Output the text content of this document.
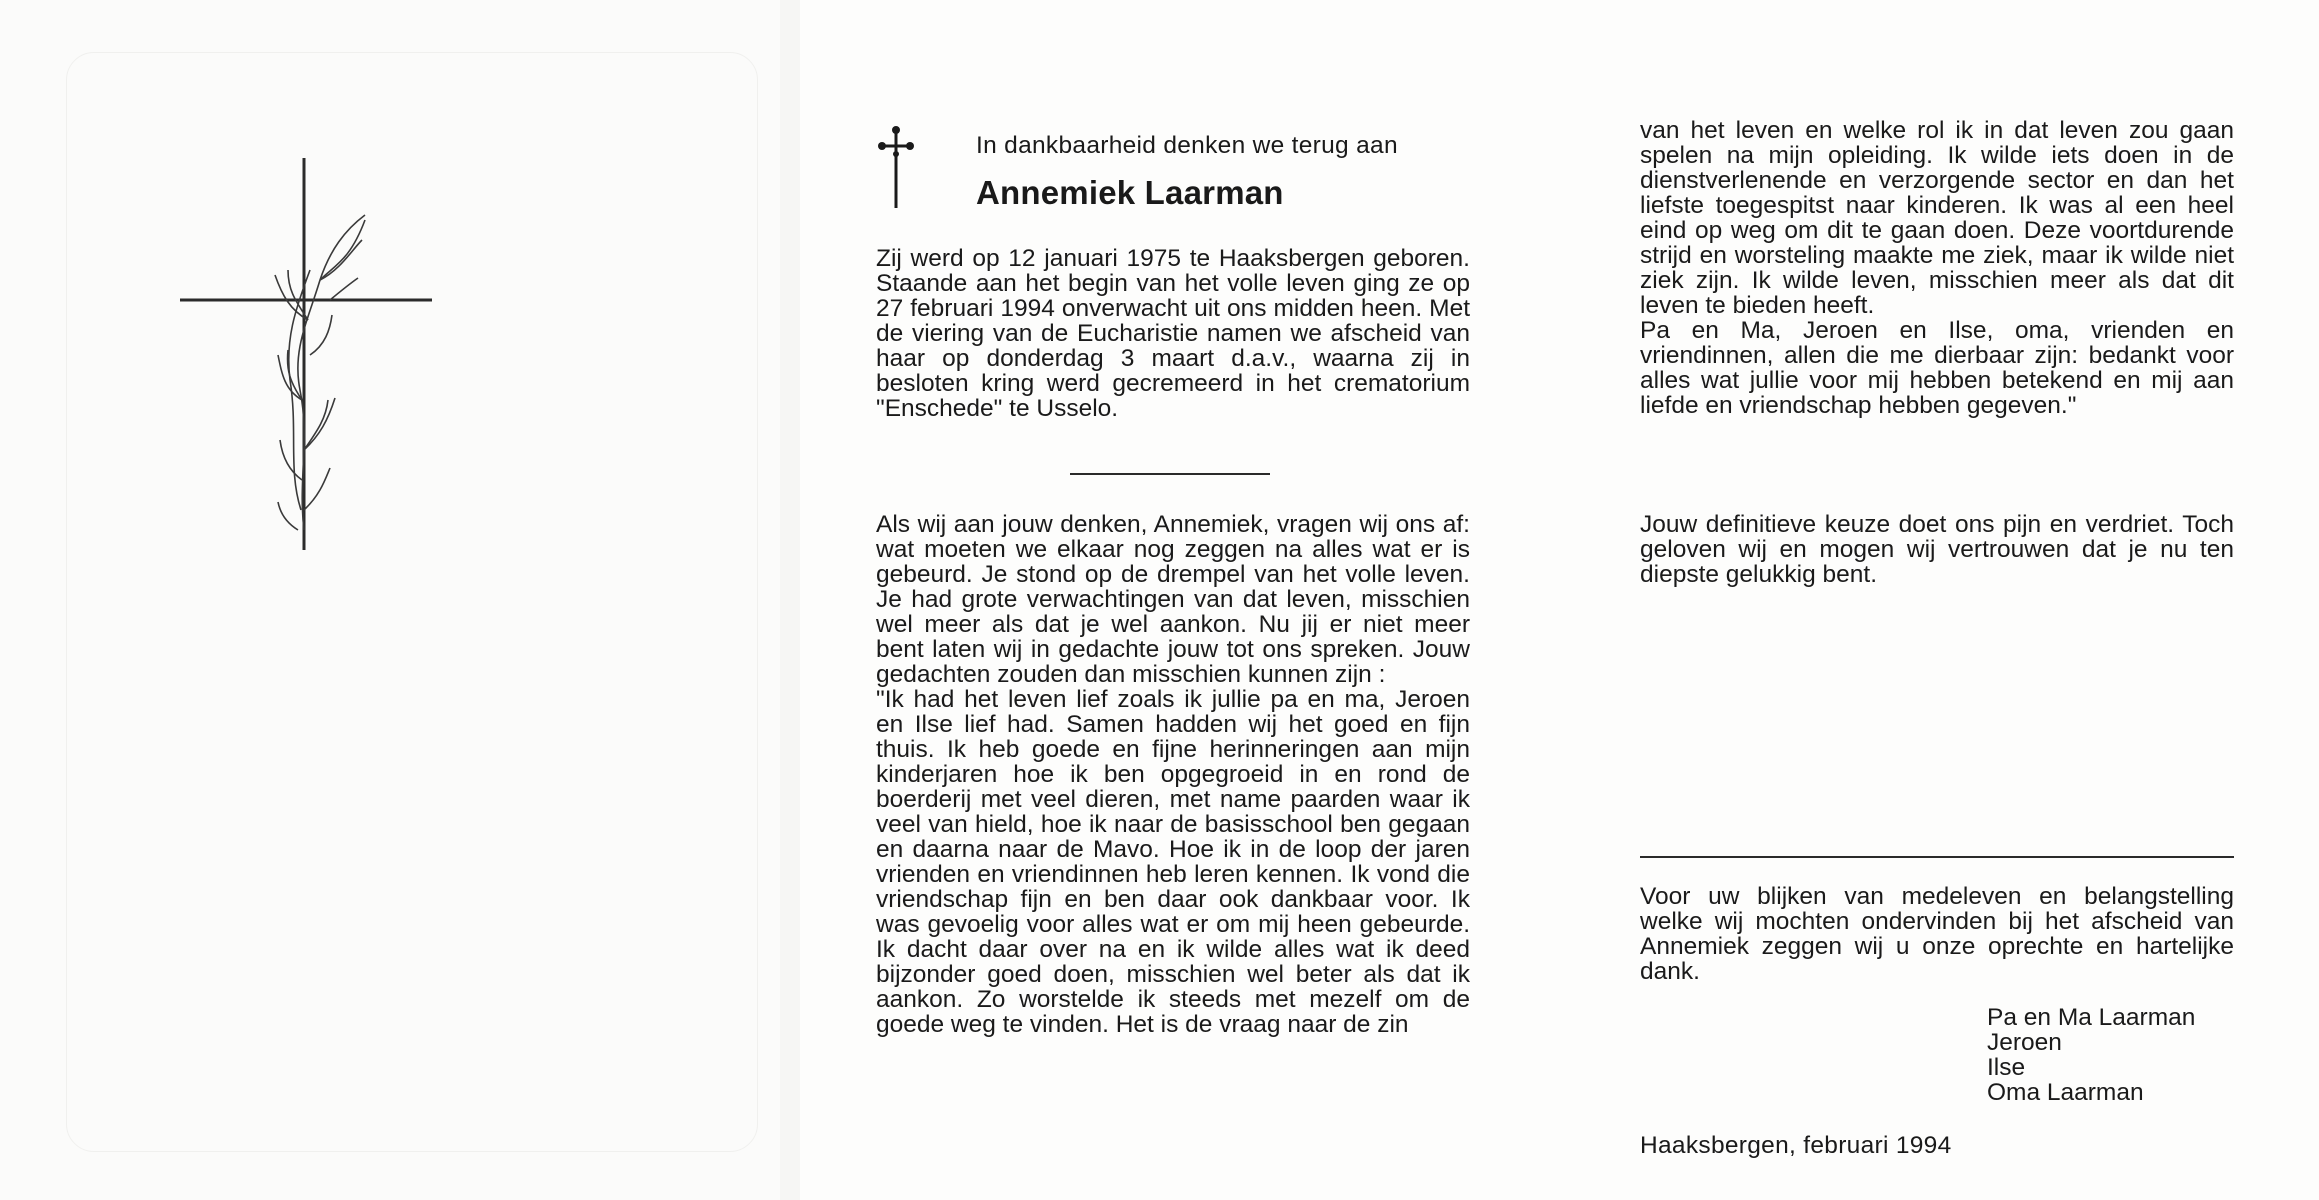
In dankbaarheid denken we terug aan
Annemiek Laarman

Zij werd op 12 januari 1975 te Haaksbergen geboren. Staande aan het begin van het volle leven ging ze op 27 februari 1994 onverwacht uit ons midden heen. Met de viering van de Eucharistie namen we afscheid van haar op donderdag 3 maart d.a.v., waarna zij in besloten kring werd gecremeerd in het crematorium "Enschede" te Usselo.

Als wij aan jouw denken, Annemiek, vragen wij ons af: wat moeten we elkaar nog zeggen na alles wat er is gebeurd. Je stond op de drempel van het volle leven. Je had grote verwachtingen van dat leven, misschien wel meer als dat je wel aankon. Nu jij er niet meer bent laten wij in gedachte jouw tot ons spreken. Jouw gedachten zouden dan misschien kunnen zijn :
"Ik had het leven lief zoals ik jullie pa en ma, Jeroen en Ilse lief had. Samen hadden wij het goed en fijn thuis. Ik heb goede en fijne herinneringen aan mijn kinderjaren hoe ik ben opgegroeid in en rond de boerderij met veel dieren, met name paarden waar ik veel van hield, hoe ik naar de basisschool ben gegaan en daarna naar de Mavo. Hoe ik in de loop der jaren vrienden en vriendinnen heb leren kennen. Ik vond die vriendschap fijn en ben daar ook dankbaar voor. Ik was gevoelig voor alles wat er om mij heen gebeurde. Ik dacht daar over na en ik wilde alles wat ik deed bijzonder goed doen, misschien wel beter als dat ik aankon. Zo worstelde ik steeds met mezelf om de goede weg te vinden. Het is de vraag naar de zin

van het leven en welke rol ik in dat leven zou gaan spelen na mijn opleiding. Ik wilde iets doen in de dienstverlenende en verzorgende sector en dan het liefste toegespitst naar kinderen. Ik was al een heel eind op weg om dit te gaan doen. Deze voortdurende strijd en worsteling maakte me ziek, maar ik wilde niet ziek zijn. Ik wilde leven, misschien meer als dat dit leven te bieden heeft.
Pa en Ma, Jeroen en Ilse, oma, vrienden en vriendinnen, allen die me dierbaar zijn: bedankt voor alles wat jullie voor mij hebben betekend en mij aan liefde en vriendschap hebben gegeven."

Jouw definitieve keuze doet ons pijn en verdriet. Toch geloven wij en mogen wij vertrouwen dat je nu ten diepste gelukkig bent.

Voor uw blijken van medeleven en belangstelling welke wij mochten ondervinden bij het afscheid van Annemiek zeggen wij u onze oprechte en hartelijke dank.

Pa en Ma Laarman
Jeroen
Ilse
Oma Laarman
Haaksbergen, februari 1994
